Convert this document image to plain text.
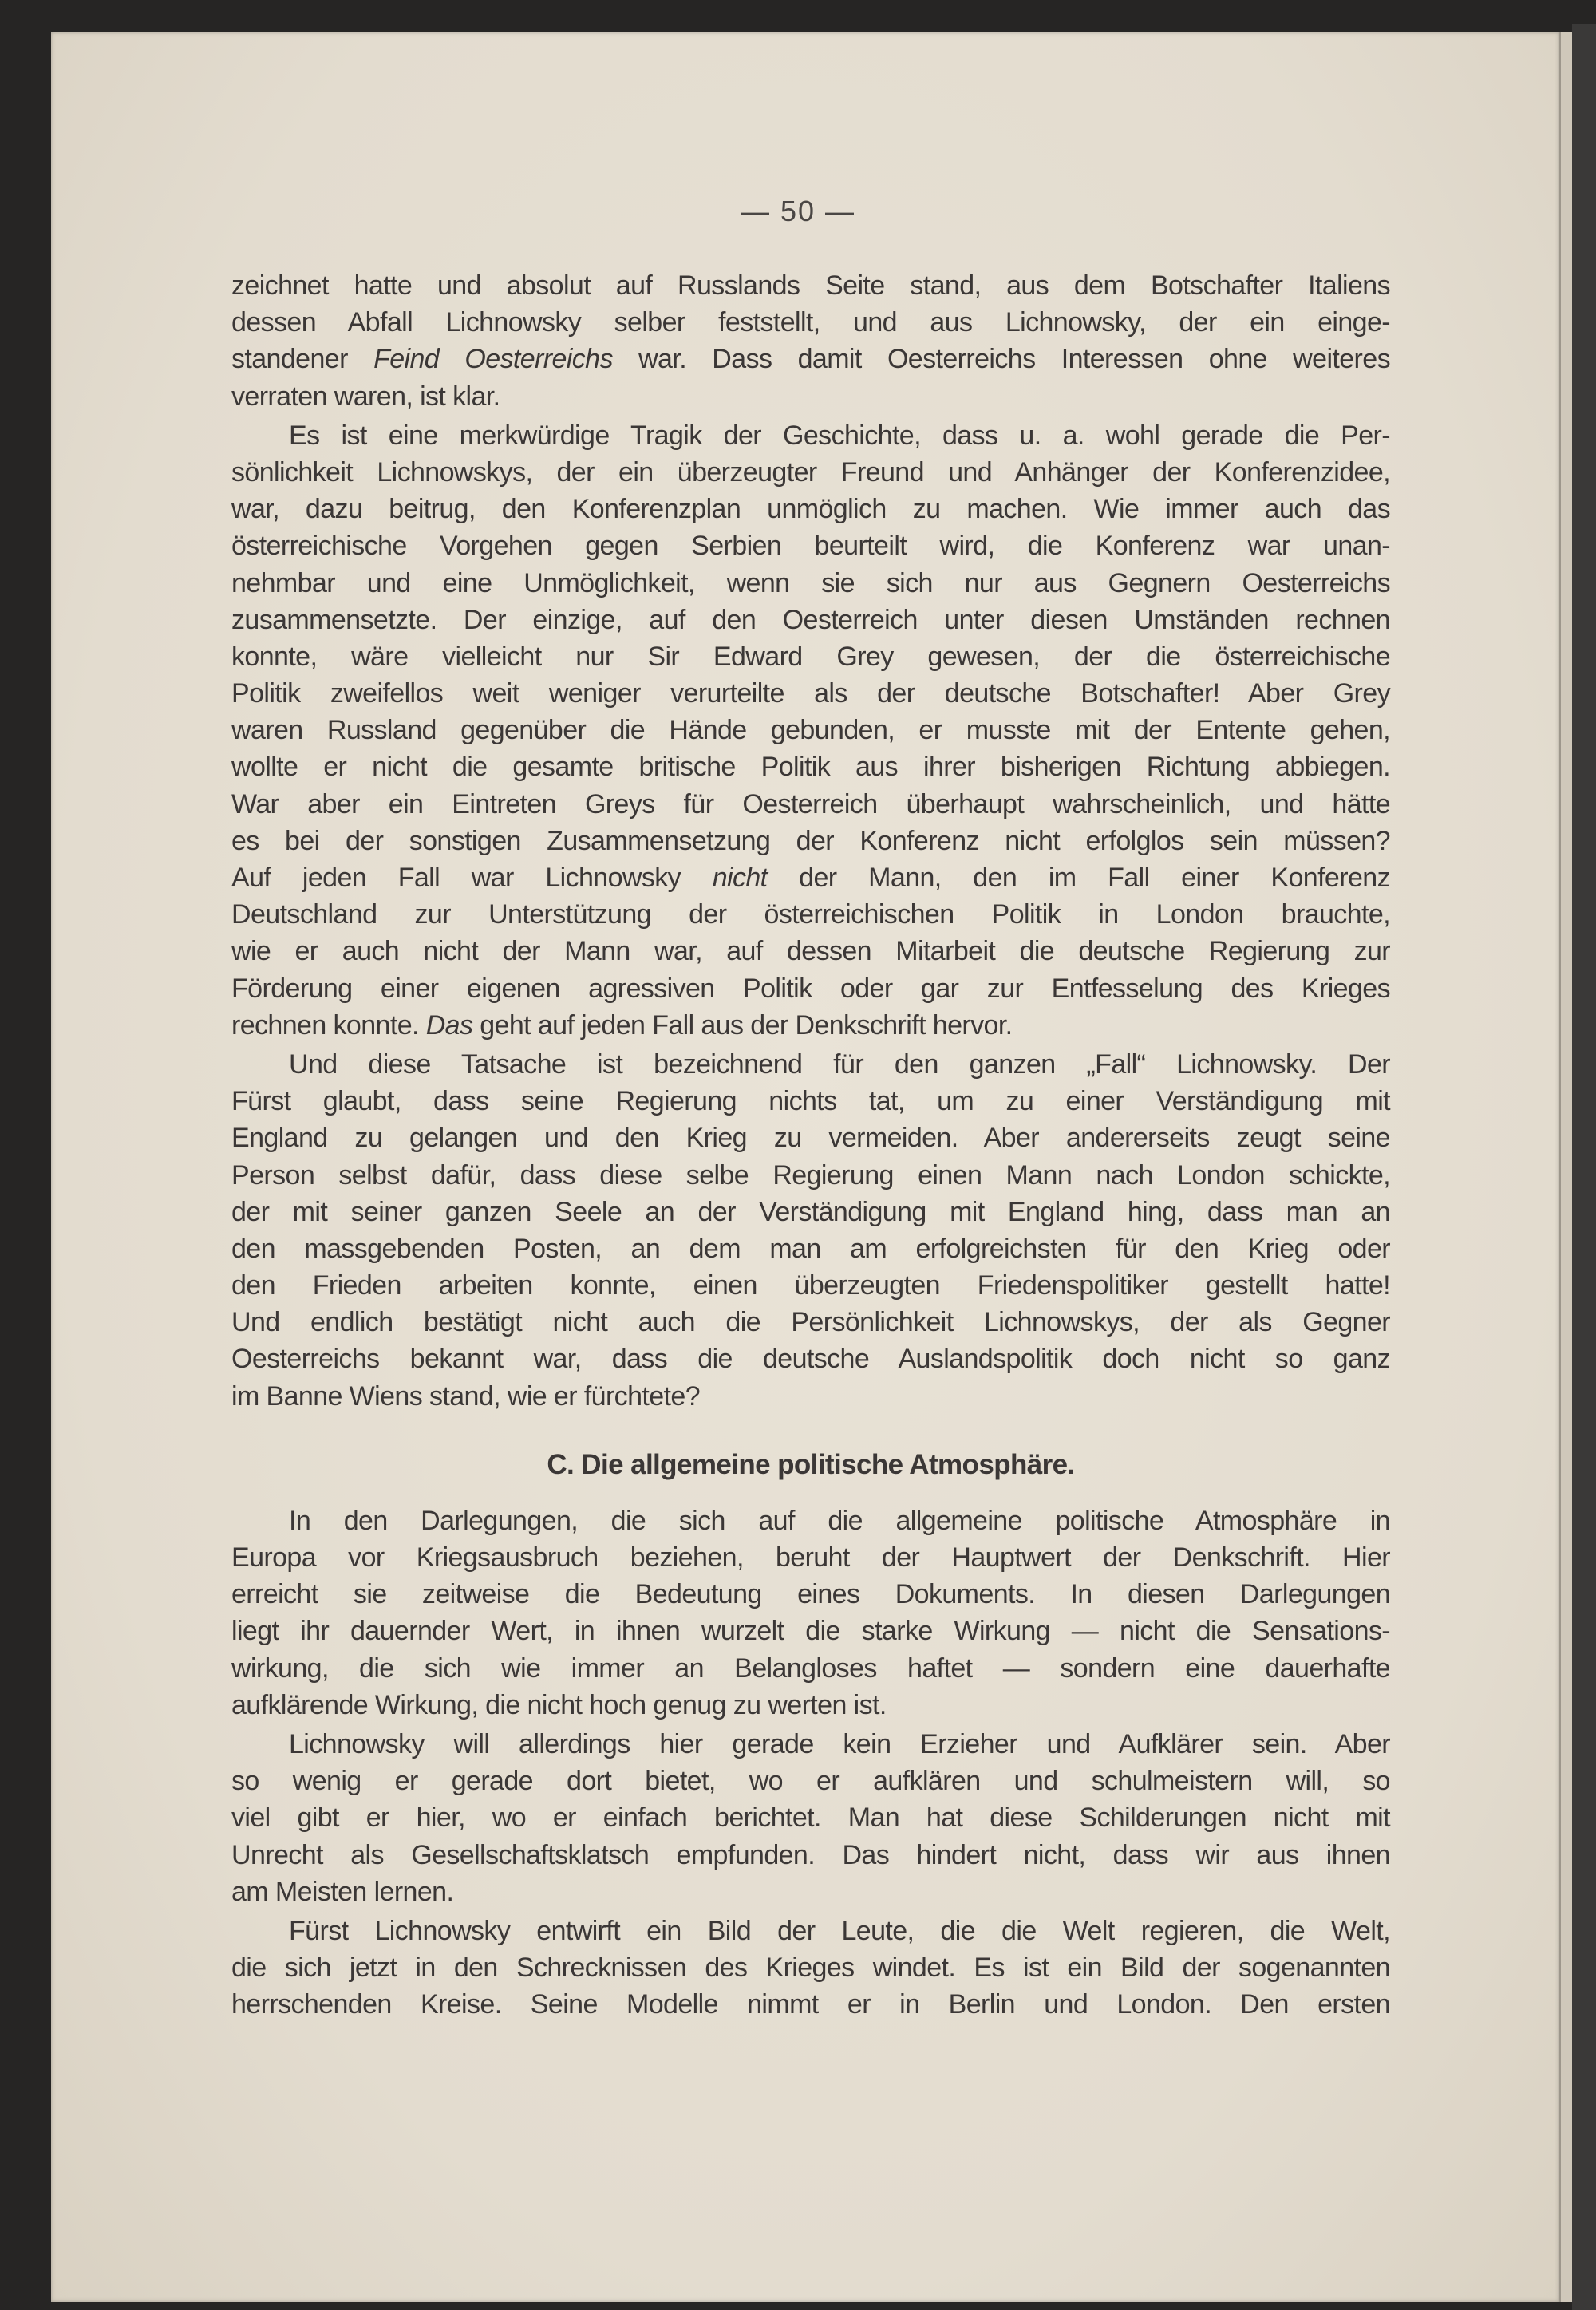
— 50 —
zeichnet hatte und absolut auf Russlands Seite stand, aus dem Botschafter Italiens
dessen Abfall Lichnowsky selber feststellt, und aus Lichnowsky, der ein einge-
standener Feind Oesterreichs war. Dass damit Oesterreichs Interessen ohne weiteres
verraten waren, ist klar.
Es ist eine merkwürdige Tragik der Geschichte, dass u. a. wohl gerade die Per-
sönlichkeit Lichnowskys, der ein überzeugter Freund und Anhänger der Konferenzidee,
war, dazu beitrug, den Konferenzplan unmöglich zu machen. Wie immer auch das
österreichische Vorgehen gegen Serbien beurteilt wird, die Konferenz war unan-
nehmbar und eine Unmöglichkeit, wenn sie sich nur aus Gegnern Oesterreichs
zusammensetzte. Der einzige, auf den Oesterreich unter diesen Umständen rechnen
konnte, wäre vielleicht nur Sir Edward Grey gewesen, der die österreichische
Politik zweifellos weit weniger verurteilte als der deutsche Botschafter! Aber Grey
waren Russland gegenüber die Hände gebunden, er musste mit der Entente gehen,
wollte er nicht die gesamte britische Politik aus ihrer bisherigen Richtung abbiegen.
War aber ein Eintreten Greys für Oesterreich überhaupt wahrscheinlich, und hätte
es bei der sonstigen Zusammensetzung der Konferenz nicht erfolglos sein müssen?
Auf jeden Fall war Lichnowsky nicht der Mann, den im Fall einer Konferenz
Deutschland zur Unterstützung der österreichischen Politik in London brauchte,
wie er auch nicht der Mann war, auf dessen Mitarbeit die deutsche Regierung zur
Förderung einer eigenen agressiven Politik oder gar zur Entfesselung des Krieges
rechnen konnte. Das geht auf jeden Fall aus der Denkschrift hervor.
Und diese Tatsache ist bezeichnend für den ganzen „Fall“ Lichnowsky. Der
Fürst glaubt, dass seine Regierung nichts tat, um zu einer Verständigung mit
England zu gelangen und den Krieg zu vermeiden. Aber andererseits zeugt seine
Person selbst dafür, dass diese selbe Regierung einen Mann nach London schickte,
der mit seiner ganzen Seele an der Verständigung mit England hing, dass man an
den massgebenden Posten, an dem man am erfolgreichsten für den Krieg oder
den Frieden arbeiten konnte, einen überzeugten Friedenspolitiker gestellt hatte!
Und endlich bestätigt nicht auch die Persönlichkeit Lichnowskys, der als Gegner
Oesterreichs bekannt war, dass die deutsche Auslandspolitik doch nicht so ganz
im Banne Wiens stand, wie er fürchtete?
C. Die allgemeine politische Atmosphäre.
In den Darlegungen, die sich auf die allgemeine politische Atmosphäre in
Europa vor Kriegsausbruch beziehen, beruht der Hauptwert der Denkschrift. Hier
erreicht sie zeitweise die Bedeutung eines Dokuments. In diesen Darlegungen
liegt ihr dauernder Wert, in ihnen wurzelt die starke Wirkung — nicht die Sensations-
wirkung, die sich wie immer an Belangloses haftet — sondern eine dauerhafte
aufklärende Wirkung, die nicht hoch genug zu werten ist.
Lichnowsky will allerdings hier gerade kein Erzieher und Aufklärer sein. Aber
so wenig er gerade dort bietet, wo er aufklären und schulmeistern will, so
viel gibt er hier, wo er einfach berichtet. Man hat diese Schilderungen nicht mit
Unrecht als Gesellschaftsklatsch empfunden. Das hindert nicht, dass wir aus ihnen
am Meisten lernen.
Fürst Lichnowsky entwirft ein Bild der Leute, die die Welt regieren, die Welt,
die sich jetzt in den Schrecknissen des Krieges windet. Es ist ein Bild der sogenannten
herrschenden Kreise. Seine Modelle nimmt er in Berlin und London. Den ersten
